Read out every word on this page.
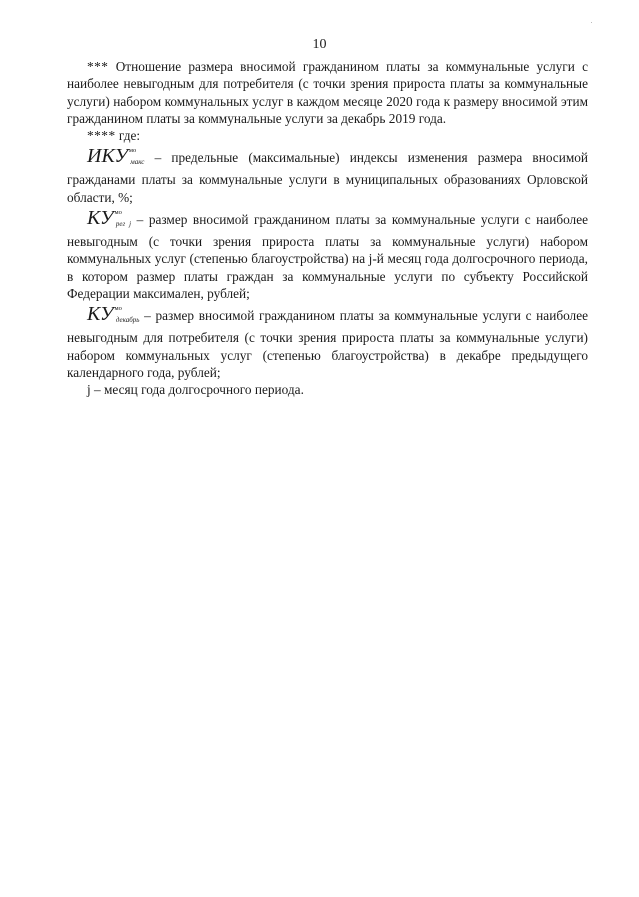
10

*** Отношение размера вносимой гражданином платы за коммунальные услуги с наиболее невыгодным для потребителя (с точки зрения прироста платы за коммунальные услуги) набором коммунальных услуг в каждом месяце 2020 года к размеру вносимой этим гражданином платы за коммунальные услуги за декабрь 2019 года.

**** где:

$ИКУ^{мо}макс$ – предельные (максимальные) индексы изменения размера вносимой гражданами платы за коммунальные услуги в муниципальных образованиях Орловской области, %;

$КУ^{мо}рег$ j – размер вносимой гражданином платы за коммунальные услуги с наиболее невыгодным (с точки зрения прироста платы за коммунальные услуги) набором коммунальных услуг (степенью благоустройства) на j-й месяц года долгосрочного периода, в котором размер платы граждан за коммунальные услуги по субъекту Российской Федерации максимален, рублей;

$КУ^{мо}декабрь$ – размер вносимой гражданином платы за коммунальные услуги с наиболее невыгодным для потребителя (с точки зрения прироста платы за коммунальные услуги) набором коммунальных услуг (степенью благоустройства) в декабре предыдущего календарного года, рублей;

j – месяц года долгосрочного периода.
